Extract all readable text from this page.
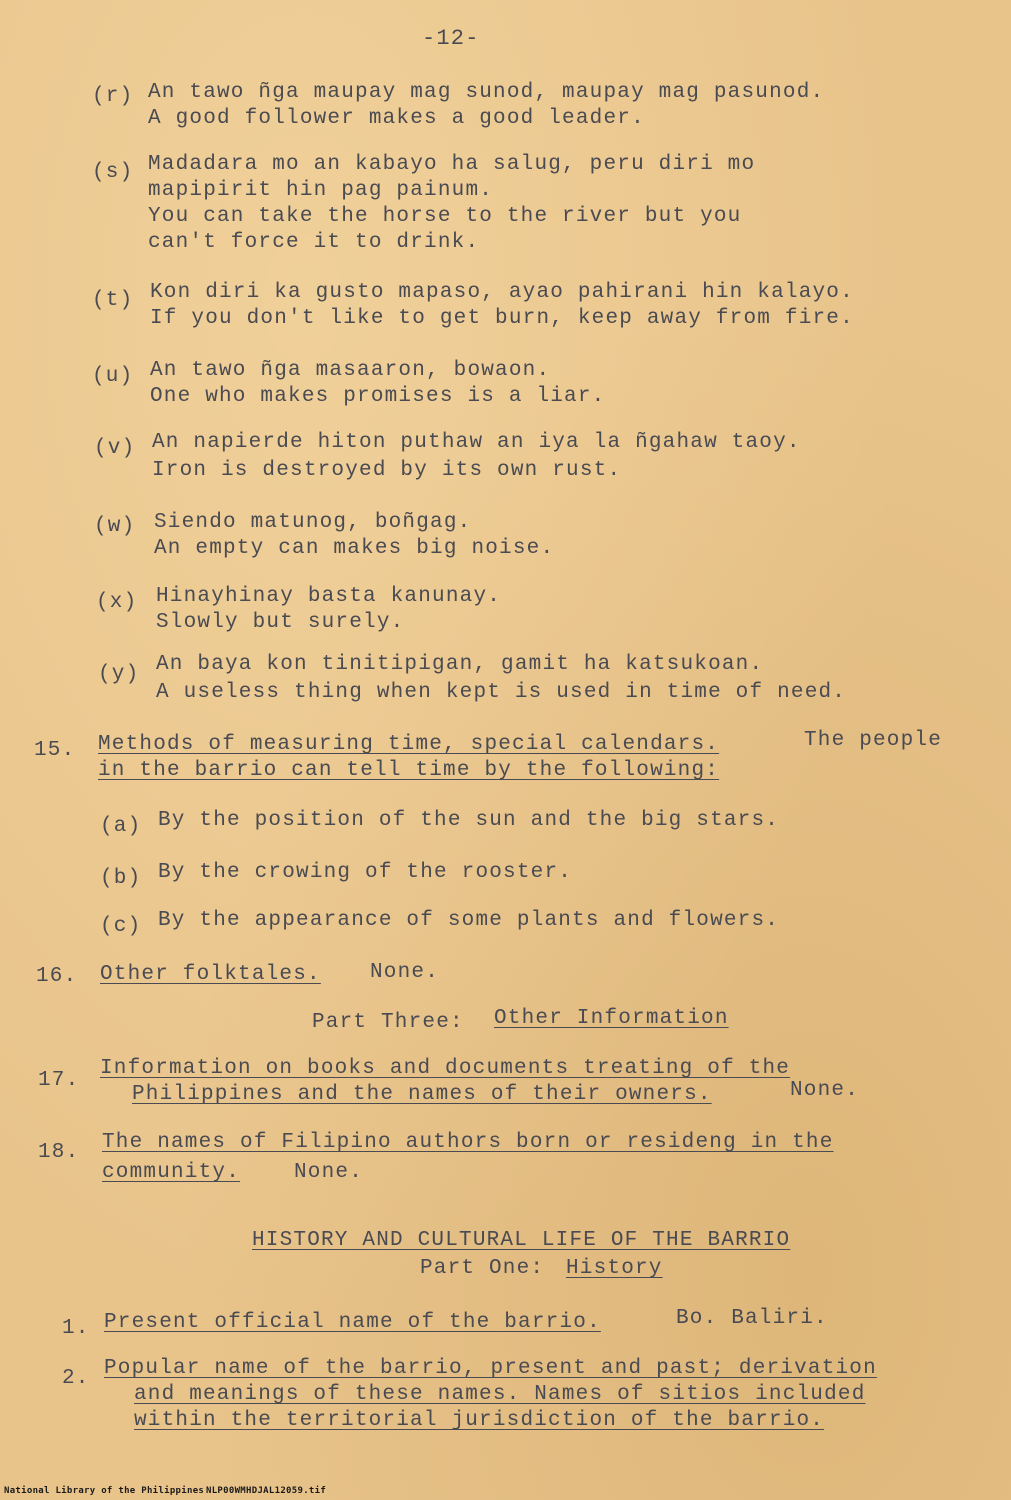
-12-
(r) An tawo ñga maupay mag sunod, maupay mag pasunod.
A good follower makes a good leader.
(s) Madadara mo an kabayo ha salug, peru diri mo
mapipirit hin pag painum.
You can take the horse to the river but you
can't force it to drink.
(t) Kon diri ka gusto mapaso, ayao pahirani hin kalayo.
If you don't like to get burn, keep away from fire.
(u) An tawo ñga masaaron, bowaon.
One who makes promises is a liar.
(v) An napierde hiton puthaw an iya la ñgahaw taoy.
Iron is destroyed by its own rust.
(w) Siendo matunog, boñgag.
An empty can makes big noise.
(x) Hinayhinay basta kanunay.
Slowly but surely.
(y) An baya kon tinitipigan, gamit ha katsukoan.
A useless thing when kept is used in time of need.
15. Methods of measuring time, special calendars.	The people
in the barrio can tell time by the following:
(a) By the position of the sun and the big stars.
(b) By the crowing of the rooster.
(c) By the appearance of some plants and flowers.
16. Other folktales. None.
Part Three: Other Information
17.
Information on books and documents treating of the
Philippines and the names of their owners.	None.
18. The names of Filipino authors born or resideng in the
community.	None.
HISTORY AND CULTURAL LIFE OF THE BARRIO
Part One: History
1. Present official name of the barrio.	Bo. Baliri.
2. Popular name of the barrio, present and past; derivation
and meanings of these names. Names of sitios included
within the territorial jurisdiction of the barrio.
National Library of the Philippines NLP00WMHDJAL12059.tif
